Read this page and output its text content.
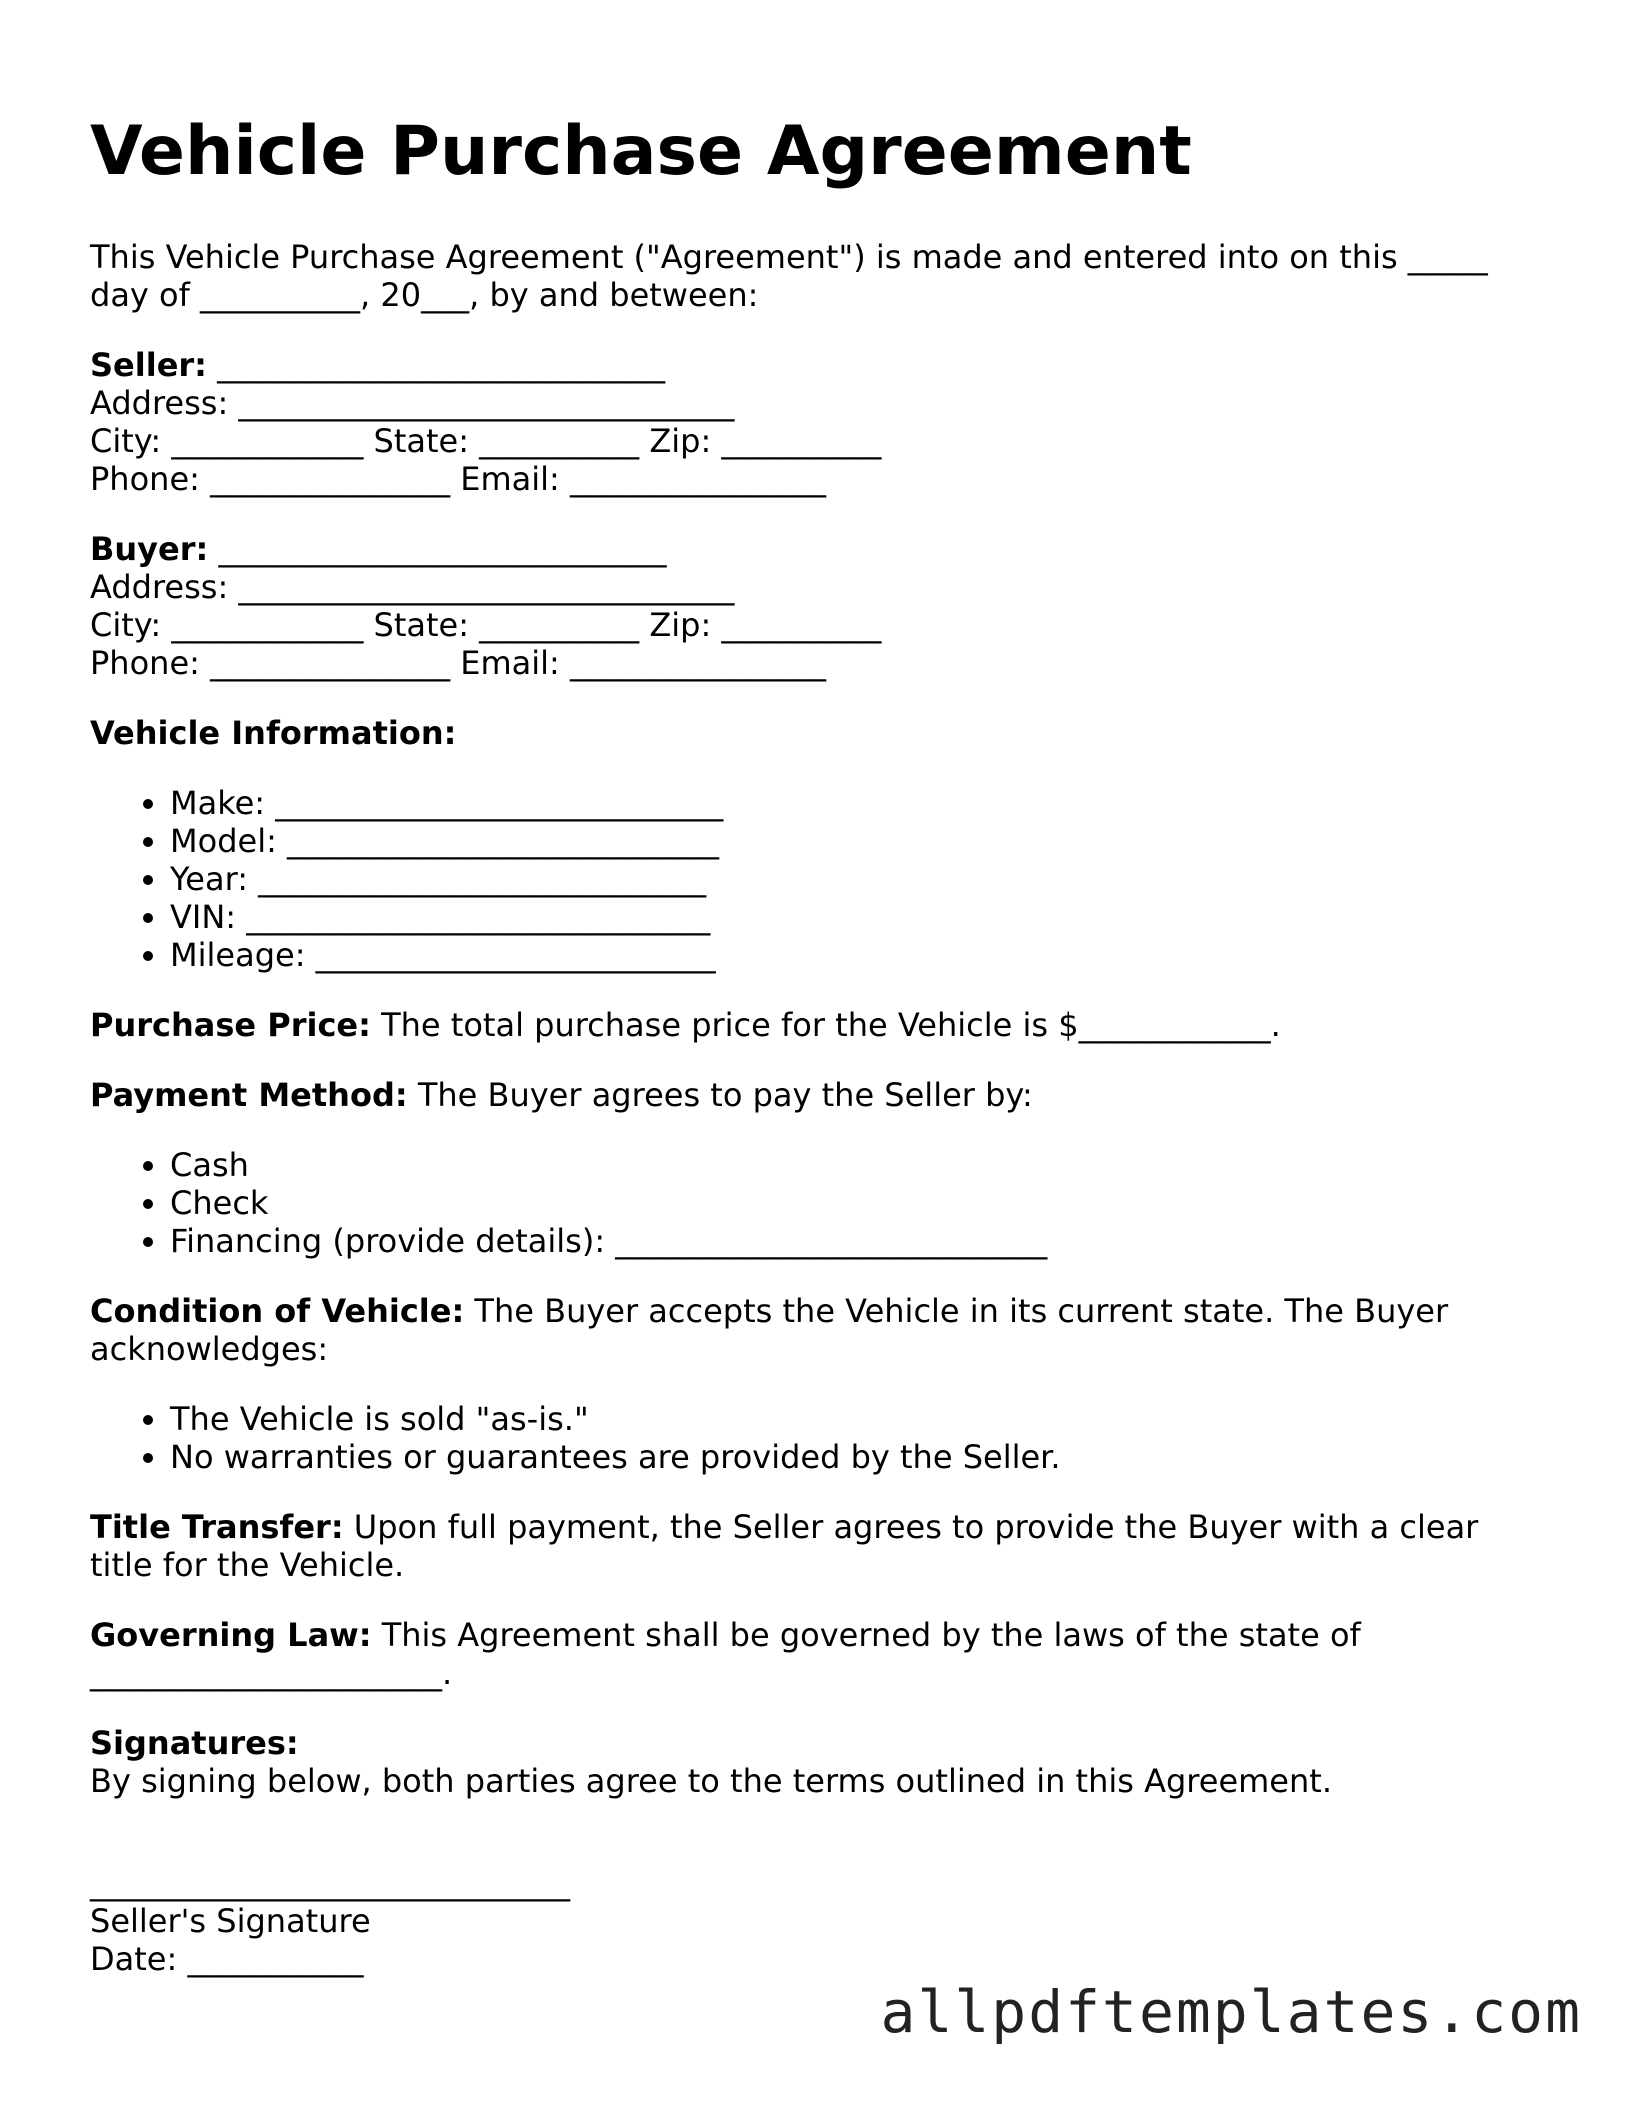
Vehicle Purchase Agreement
This Vehicle Purchase Agreement ("Agreement") is made and entered into on this _____
day of __________, 20___, by and between:
Seller: ____________________________
Address: _______________________________
City: ____________ State: __________ Zip: __________
Phone: _______________ Email: ________________
Buyer: ____________________________
Address: _______________________________
City: ____________ State: __________ Zip: __________
Phone: _______________ Email: ________________

Vehicle Information:

• Make: ____________________________
• Model: ___________________________
• Year: ____________________________
• VIN: _____________________________
• Mileage: _________________________

Purchase Price: The total purchase price for the Vehicle is $____________.

Payment Method: The Buyer agrees to pay the Seller by:

• Cash
• Check
• Financing (provide details): ___________________________
Condition of Vehicle: The Buyer accepts the Vehicle in its current state. The Buyer
acknowledges:
• The Vehicle is sold "as-is."
• No warranties or guarantees are provided by the Seller.
Title Transfer: Upon full payment, the Seller agrees to provide the Buyer with a clear
title for the Vehicle.
Governing Law: This Agreement shall be governed by the laws of the state of
______________________.
Signatures:
By signing below, both parties agree to the terms outlined in this Agreement.
______________________________
Seller's Signature
Date: ___________
allpdftemplates.com
